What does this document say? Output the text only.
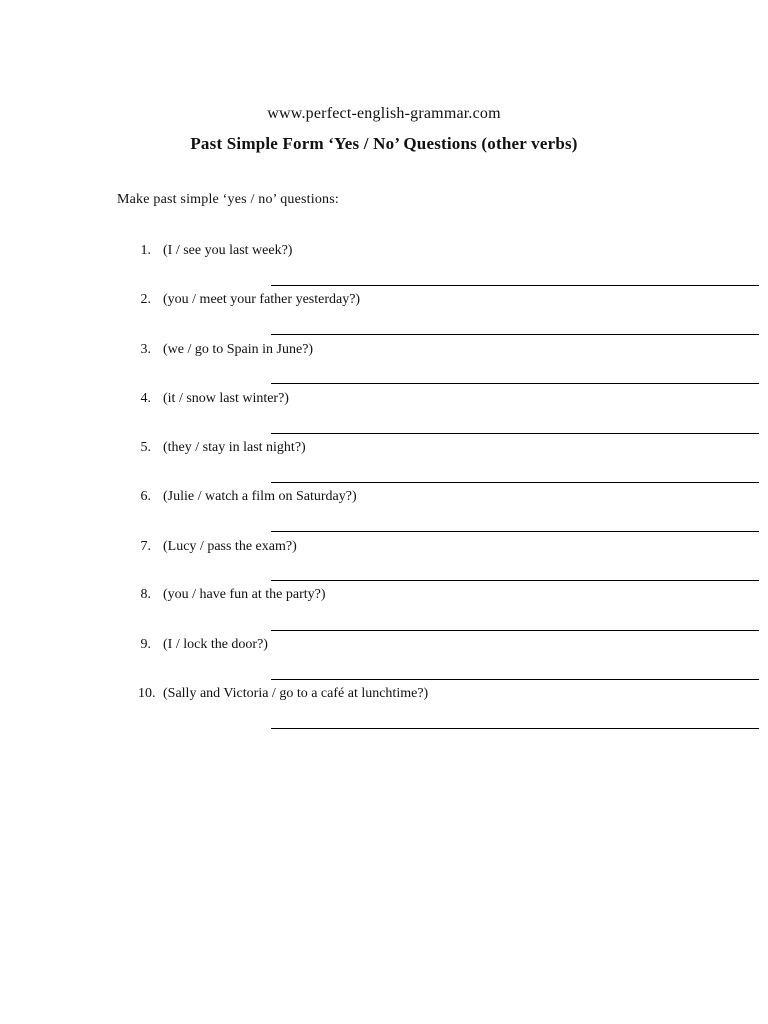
www.perfect-english-grammar.com
Past Simple Form ‘Yes / No’ Questions (other verbs)
Make past simple ‘yes / no’ questions:
1. (I / see you last week?)
2. (you / meet your father yesterday?)
3. (we / go to Spain in June?)
4. (it / snow last winter?)
5. (they / stay in last night?)
6. (Julie / watch a film on Saturday?)
7. (Lucy / pass the exam?)
8. (you / have fun at the party?)
9. (I / lock the door?)
10. (Sally and Victoria / go to a café at lunchtime?)
